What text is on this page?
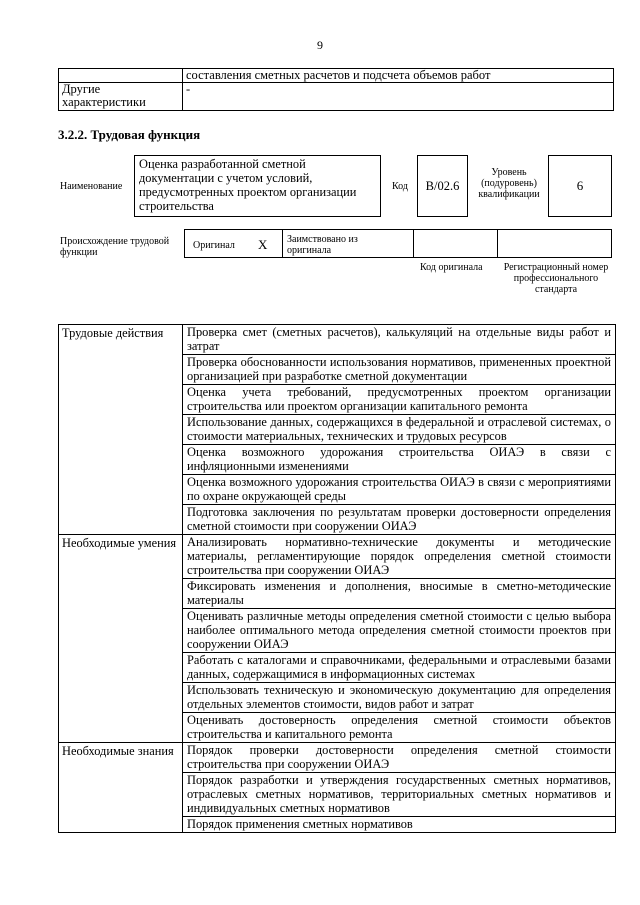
9
	составления сметных расчетов и подсчета объемов работ
Другие характеристики	-
3.2.2. Трудовая функция
Наименование
Оценка разработанной сметной документации с учетом условий, предусмотренных проектом организации строительства
Код	B/02.6
Уровень (подуровень) квалификации
6
Происхождение трудовой функции
Оригинал X Заимствовано из оригинала
Код оригинала	Регистрационный номер профессионального стандарта
Трудовые действия	Проверка смет (сметных расчетов), калькуляций на отдельные виды работ и затрат
	Проверка обоснованности использования нормативов, примененных проектной организацией при разработке сметной документации
	Оценка учета требований, предусмотренных проектом организации строительства или проектом организации капитального ремонта
	Использование данных, содержащихся в федеральной и отраслевой системах, о стоимости материальных, технических и трудовых ресурсов
	Оценка возможного удорожания строительства ОИАЭ в связи с инфляционными изменениями
	Оценка возможного удорожания строительства ОИАЭ в связи с мероприятиями по охране окружающей среды
	Подготовка заключения по результатам проверки достоверности определения сметной стоимости при сооружении ОИАЭ
Необходимые умения	Анализировать нормативно-технические документы и методические материалы, регламентирующие порядок определения сметной стоимости строительства при сооружении ОИАЭ
	Фиксировать изменения и дополнения, вносимые в сметно-методические материалы
	Оценивать различные методы определения сметной стоимости с целью выбора наиболее оптимального метода определения сметной стоимости проектов при сооружении ОИАЭ
	Работать с каталогами и справочниками, федеральными и отраслевыми базами данных, содержащимися в информационных системах
	Использовать техническую и экономическую документацию для определения отдельных элементов стоимости, видов работ и затрат
	Оценивать достоверность определения сметной стоимости объектов строительства и капитального ремонта
Необходимые знания	Порядок проверки достоверности определения сметной стоимости строительства при сооружении ОИАЭ
	Порядок разработки и утверждения государственных сметных нормативов, отраслевых сметных нормативов, территориальных сметных нормативов и индивидуальных сметных нормативов
	Порядок применения сметных нормативов
